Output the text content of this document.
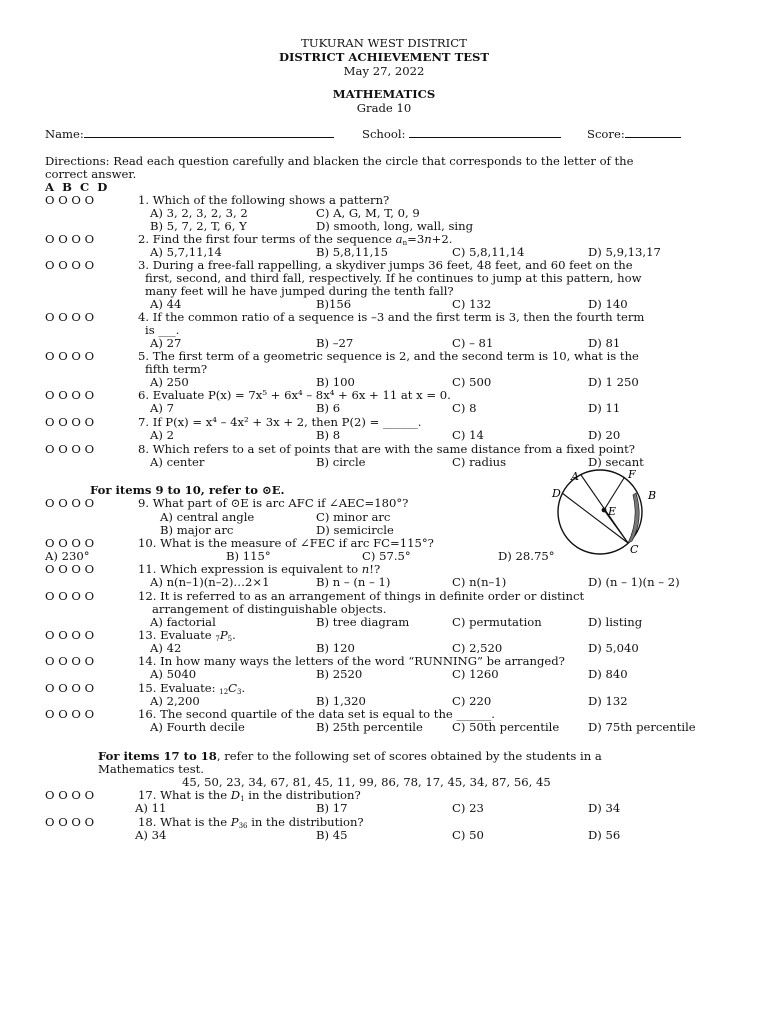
TUKURAN WEST DISTRICT
DISTRICT ACHIEVEMENT TEST
May 27, 2022
MATHEMATICS
Grade 10
Name:	School:	Score:
Directions: Read each question carefully and blacken the circle that corresponds to the letter of the
correct answer.
A  B  C  D
O O O O	1. Which of the following shows a pattern?
A) 3, 2, 3, 2, 3, 2	C) A, G, M, T, 0, 9
B) 5, 7, 2, T, 6, Y	D) smooth, long, wall, sing
O O O O	2. Find the first four terms of the sequence $a_n=3n+2$.
A) 5,7,11,14	B) 5,8,11,15	C) 5,8,11,14	D) 5,9,13,17
O O O O	3. During a free-fall rappelling, a skydiver jumps 36 feet, 48 feet, and 60 feet on the
first, second, and third fall, respectively. If he continues to jump at this pattern, how
many feet will he have jumped during the tenth fall?
A) 44	B)156	C) 132	D) 140
O O O O	4. If the common ratio of a sequence is –3 and the first term is 3, then the fourth term
is ___.
A) 27	B) –27	C) – 81	D) 81
O O O O	5. The first term of a geometric sequence is 2, and the second term is 10, what is the
fifth term?
A) 250	B) 100	C) 500	D) 1 250
O O O O	6. Evaluate P(x) = 7x⁵ + 6x⁴ – 8x⁴ + 6x + 11 at x = 0.
A) 7	B) 6	C) 8	D) 11
O O O O	7. If P(x) = x⁴ – 4x² + 3x + 2, then P(2) = ______.
A) 2	B) 8	C) 14	D) 20
O O O O	8. Which refers to a set of points that are with the same distance from a fixed point?
A) center	B) circle	C) radius	D) secant
For items 9 to 10, refer to ⊙E.
O O O O	9. What part of ⊙E is arc AFC if ∠AEC=180°?
A) central angle	C) minor arc
B) major arc	D) semicircle
O O O O	10. What is the measure of ∠FEC if arc FC=115°?
A) 230°	B) 115°	C) 57.5°	D) 28.75°
A	F
D	B
E
C
O O O O	11. Which expression is equivalent to n!?
A) n(n–1)(n–2)…2×1	B) n – (n – 1)	C) n(n–1)	D) (n – 1)(n – 2)
O O O O	12. It is referred to as an arrangement of things in definite order or distinct
arrangement of distinguishable objects.
A) factorial	B) tree diagram	C) permutation	D) listing
O O O O	13. Evaluate $_7P_5$.
A) 42	B) 120	C) 2,520	D) 5,040
O O O O	14. In how many ways the letters of the word “RUNNING” be arranged?
A) 5040	B) 2520	C) 1260	D) 840
O O O O	15. Evaluate: $_{12}C_3$.
A) 2,200	B) 1,320	C) 220	D) 132
O O O O	16. The second quartile of the data set is equal to the ______.
A) Fourth decile	B) 25th percentile	C) 50th percentile D) 75th percentile
For items 17 to 18, refer to the following set of scores obtained by the students in a
Mathematics test.
45, 50, 23, 34, 67, 81, 45, 11, 99, 86, 78, 17, 45, 34, 87, 56, 45
O O O O	17. What is the $D_1$ in the distribution?
A) 11	B) 17	C) 23	D) 34
O O O O	18. What is the $P_{36}$ in the distribution?
A) 34	B) 45	C) 50	D) 56
